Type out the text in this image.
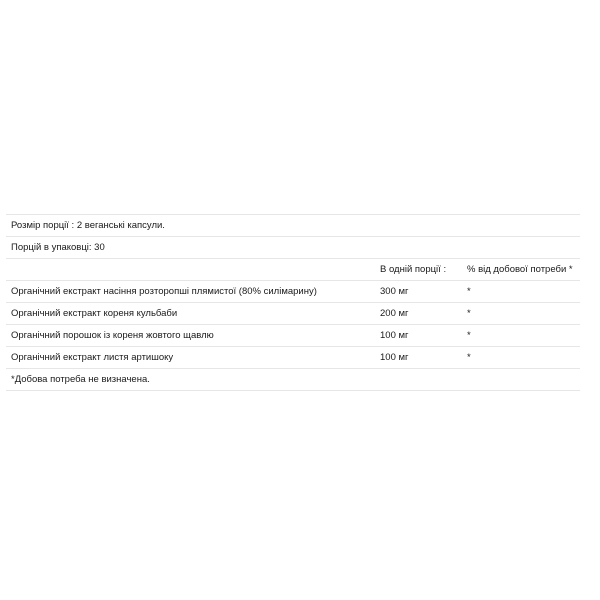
Розмір порції : 2 веганські капсули.		
Порцій в упаковці: 30		
	В одній порції :	% від добової потреби *
Органічний екстракт насіння розторопші плямистої (80% силімарину)	300 мг	*
Органічний екстракт кореня кульбаби	200 мг	*
Органічний порошок із кореня жовтого щавлю	100 мг	*
Органічний екстракт листя артишоку	100 мг	*
*Добова потреба не визначена.		
